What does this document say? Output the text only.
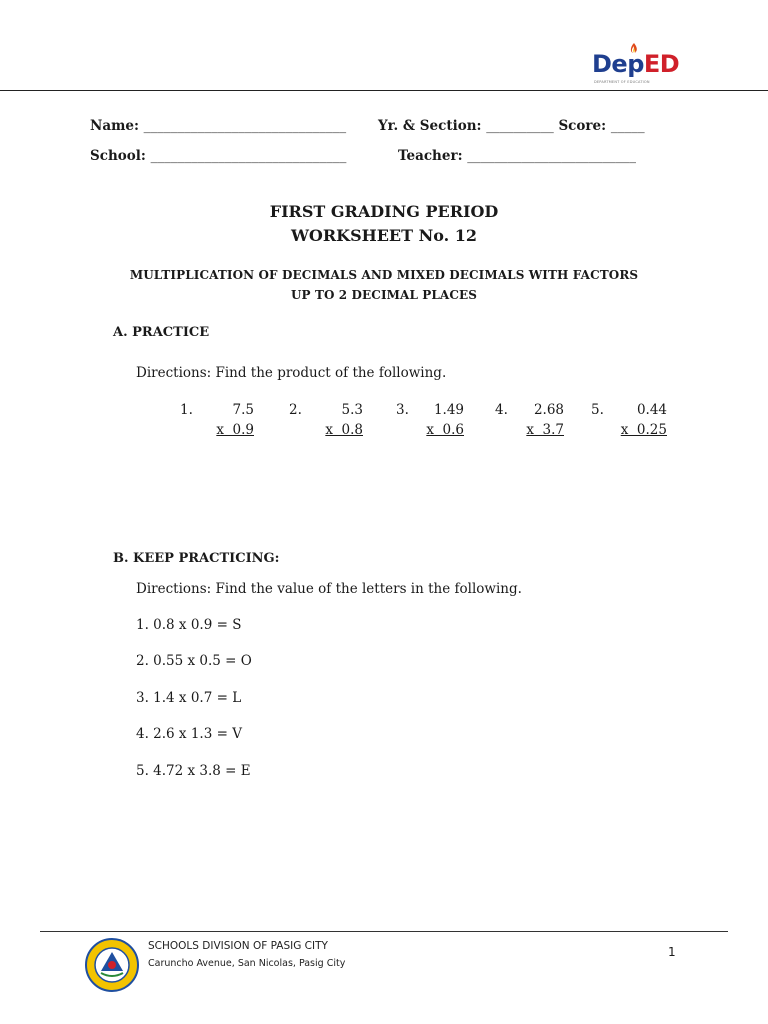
DepED
DEPARTMENT OF EDUCATION
Name: ______________________________ Yr. & Section: __________ Score: _____
School: _____________________________	Teacher: _________________________
FIRST GRADING PERIOD
WORKSHEET No. 12
MULTIPLICATION OF DECIMALS AND MIXED DECIMALS WITH FACTORS
UP TO 2 DECIMAL PLACES
A. PRACTICE
Directions: Find the product of the following.
1.	7.5
x  0.9
2.	5.3
x  0.8
3.	1.49
x  0.6
4.	2.68
x  3.7
5.	0.44
x  0.25
B. KEEP PRACTICING:
Directions: Find the value of the letters in the following.
1. 0.8 x 0.9 = S
2. 0.55 x 0.5 = O
3. 1.4 x 0.7 = L
4. 2.6 x 1.3 = V
5. 4.72 x 3.8 = E
SCHOOLS DIVISION OF PASIG CITY
Caruncho Avenue, San Nicolas, Pasig City
1
